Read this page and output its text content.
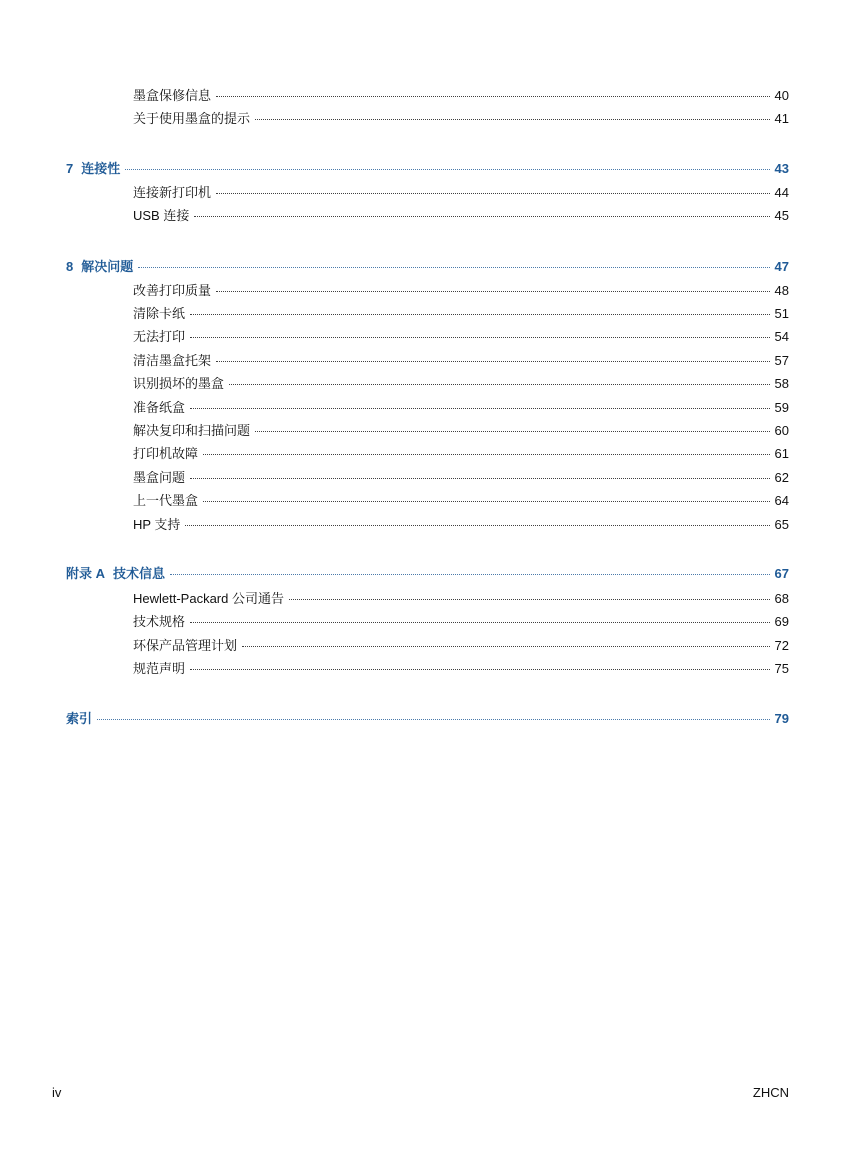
墨盒保修信息	40
关于使用墨盒的提示	41
7 连接性	43
连接新打印机	44
USB 连接	45
8 解决问题	47
改善打印质量	48
清除卡纸	51
无法打印	54
清洁墨盒托架	57
识别损坏的墨盒	58
准备纸盒	59
解决复印和扫描问题	60
打印机故障	61
墨盒问题	62
上一代墨盒	64
HP 支持	65
附录 A 技术信息	67
Hewlett-Packard 公司通告	68
技术规格	69
环保产品管理计划	72
规范声明	75
索引	79
iv	ZHCN
